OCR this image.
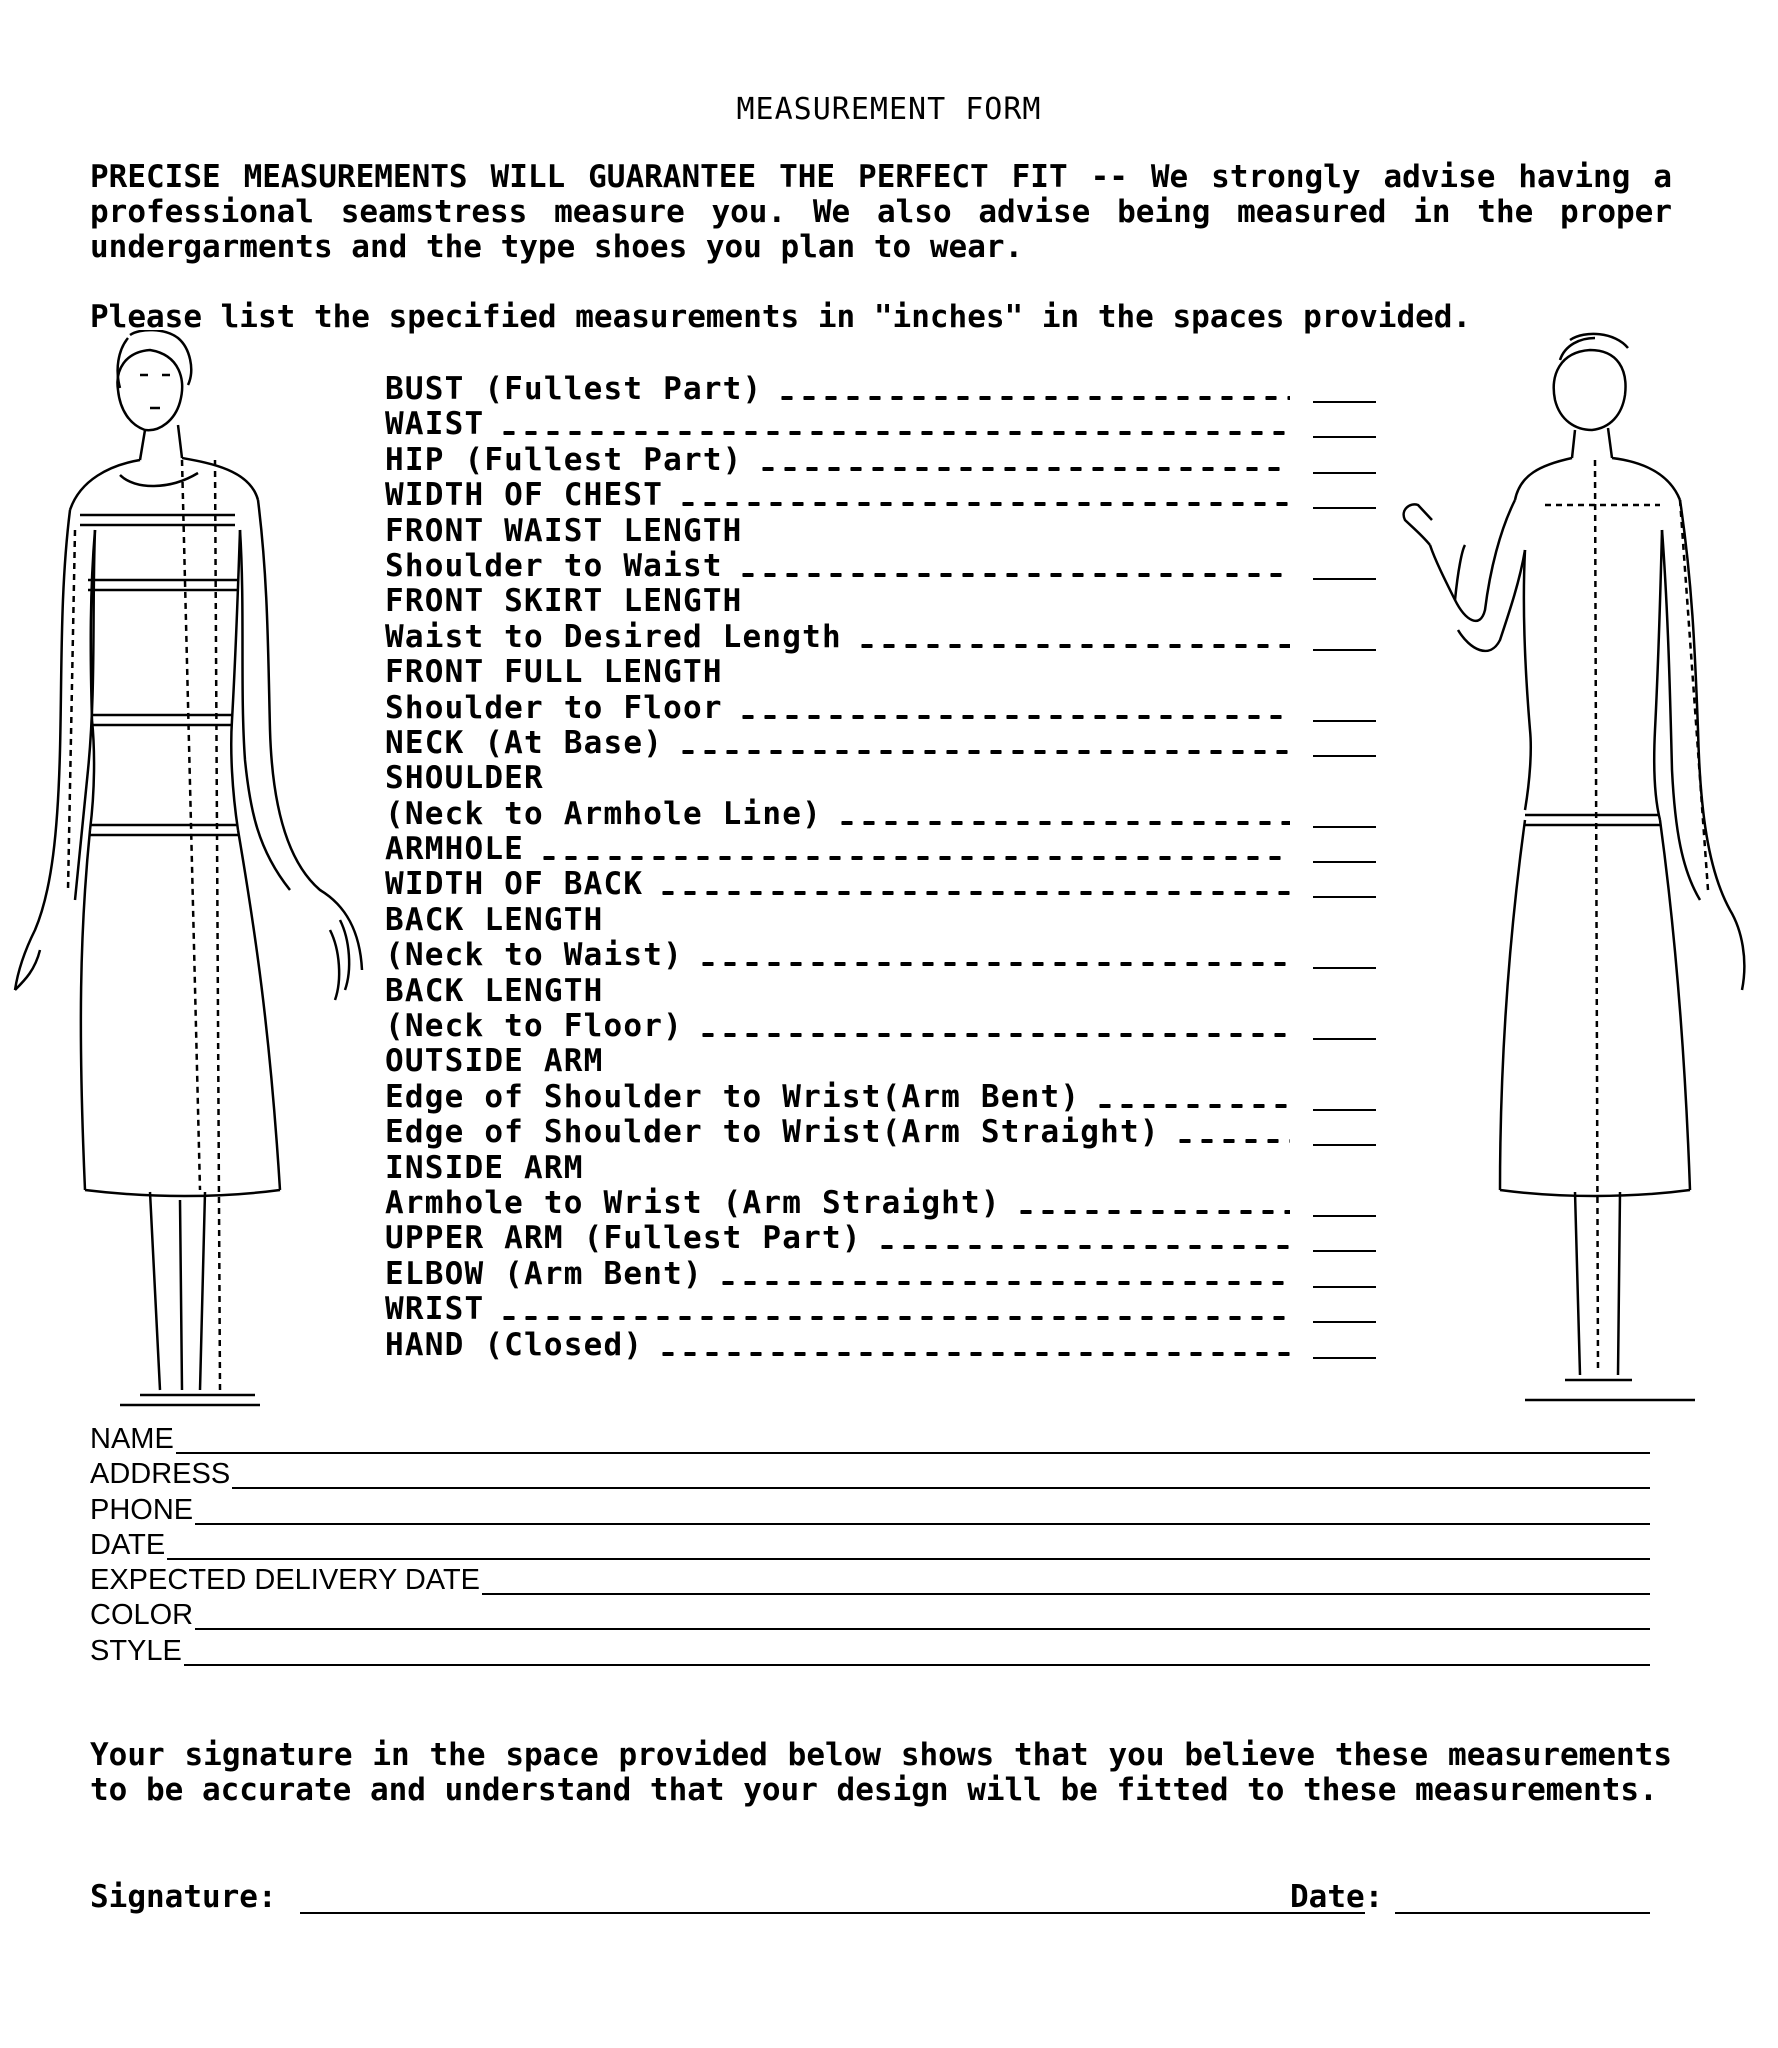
MEASUREMENT FORM
PRECISE MEASUREMENTS WILL GUARANTEE THE PERFECT FIT -- We strongly advise having a professional seamstress measure you. We also advise being measured in the proper undergarments and the type shoes you plan to wear.
Please list the specified measurements in "inches" in the spaces provided.
BUST (Fullest Part)
WAIST
HIP (Fullest Part)
WIDTH OF CHEST
FRONT WAIST LENGTH
Shoulder to Waist
FRONT SKIRT LENGTH
Waist to Desired Length
FRONT FULL LENGTH
Shoulder to Floor
NECK (At Base)
SHOULDER
(Neck to Armhole Line)
ARMHOLE
WIDTH OF BACK
BACK LENGTH
(Neck to Waist)
BACK LENGTH
(Neck to Floor)
OUTSIDE ARM
Edge of Shoulder to Wrist(Arm Bent)
Edge of Shoulder to Wrist(Arm Straight)
INSIDE ARM
Armhole to Wrist (Arm Straight)
UPPER ARM (Fullest Part)
ELBOW (Arm Bent)
WRIST
HAND (Closed)
NAME
ADDRESS
PHONE
DATE
EXPECTED DELIVERY DATE
COLOR
STYLE
Your signature in the space provided below shows that you believe these measurements to be accurate and understand that your design will be fitted to these measurements.
Signature:	Date:
